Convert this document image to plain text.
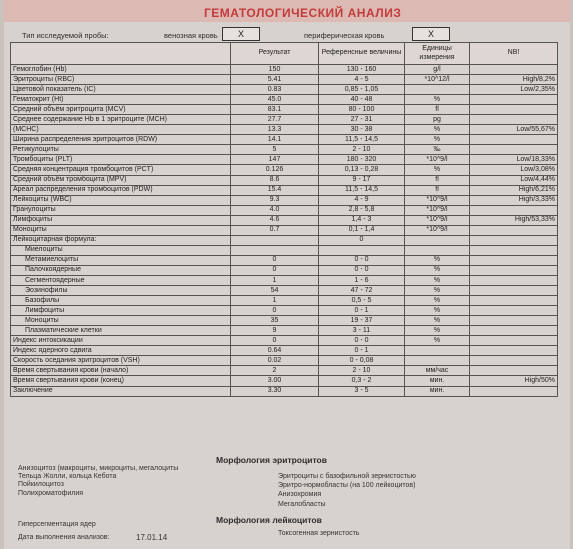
ГЕМАТОЛОГИЧЕСКИЙ АНАЛИЗ
Тип исследуемой пробы:	венозная кровь	X	периферическая кровь	X
	Результат	Референсные величины	Единицы измерения	NB!
Гемоглобин (Hb)	150	130 - 160	g/l	
Эритроциты (RBC)	5.41	4 - 5	*10^12/l	High/8,2%
Цветовой показатель (IC)	0.83	0,85 - 1,05		Low/2,35%
Гематокрит (Ht)	45.0	40 - 48	%	
Средний объём эритроцита (MCV)	83.1	80 - 100	fl	
Среднее содержание Hb в 1 эритроците (MCH)	27.7	27 - 31	pg	
(MCHC)	13.3	30 - 38	%	Low/55,67%
Ширина распределения эритроцитов (RDW)	14.1	11,5 - 14,5	%	
Ретикулоциты	5	2 - 10	‰	
Тромбоциты (PLT)	147	180 - 320	*10^9/l	Low/18,33%
Средняя концентрация тромбоцитов (PCT)	0.126	0,13 - 0,28	%	Low/3,08%
Средний объём тромбоцита (MPV)	8.6	9 - 17	fl	Low/4,44%
Ареал распределения тромбоцитов (PDW)	15.4	11,5 - 14,5	fl	High/6,21%
Лейкоциты (WBC)	9.3	4 - 9	*10^9/l	High/3,33%
Гранулоциты	4.0	2,8 - 5,8	*10^9/l	
Лимфоциты	4.6	1,4 - 3	*10^9/l	High/53,33%
Моноциты	0.7	0,1 - 1,4	*10^9/l	
Лейкоцитарная формула:		0		
Миелоциты				
Метамиелоциты	0	0 - 0	%	
Палочкоядерные	0	0 - 0	%	
Сегментоядерные	1	1 - 6	%	
Эозинофилы	54	47 - 72	%	
Базофилы	1	0,5 - 5	%	
Лимфоциты	0	0 - 1	%	
Моноциты	35	19 - 37	%	
Плазматические клетки	9	3 - 11	%	
Индекс интоксикации	0	0 - 0	%	
Индекс ядерного сдвига	0.64	0 - 1		
Скорость оседания эритроцитов (VSH)	0.02	0 - 0,08		
Время свертывания крови (начало)	2	2 - 10	мм/час	
Время свертывания крови (конец)	3.00	0,3 - 2	мин.	High/50%
Заключение	3.30	3 - 5	мин.	
Морфология эритроцитов
Анизоцитоз (макроциты, микроциты, мегалоциты
Тельца Жолли, кольца Кебота
Пойкилоцитоз
Полихроматофилия
Эритроциты с базофильной зернистостью
Эритро-нормобласты (на 100 лейкоцитов)
Анизохромия
Мегалобласты
Морфология лейкоцитов
Гиперсегментация ядер
Токсогенная зернистость
Дата выполнения анализов:	17.01.14
